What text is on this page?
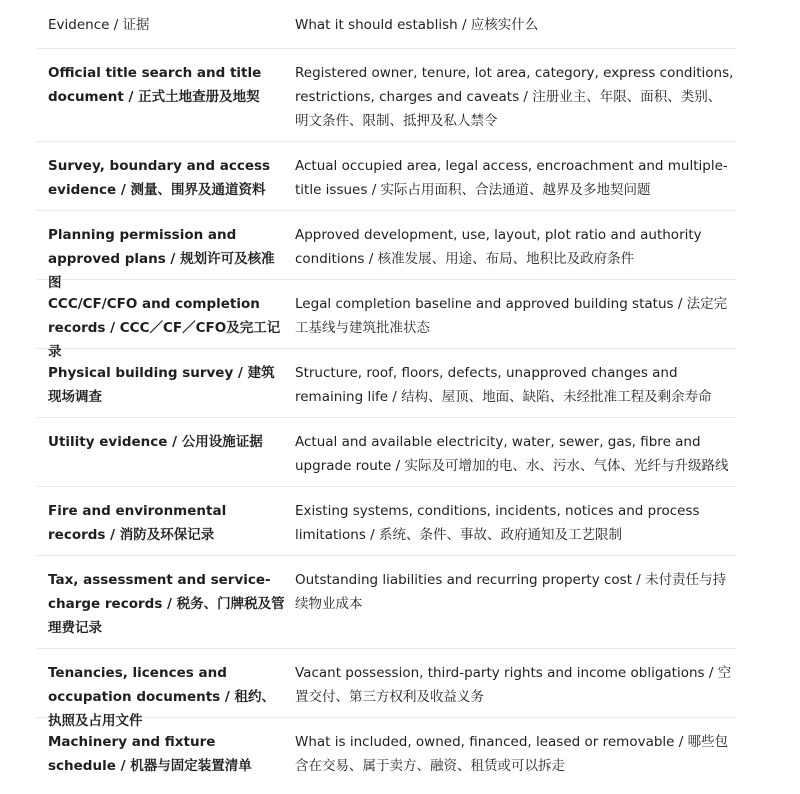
Evidence / 证据	What it should establish / 应核实什么
Official title search and title document / 正式土地查册及地契
Registered owner, tenure, lot area, category, express conditions, restrictions, charges and caveats / 注册业主、年限、面积、类别、明文条件、限制、抵押及私人禁令
Survey, boundary and access evidence / 测量、围界及通道资料
Actual occupied area, legal access, encroachment and multiple-title issues / 实际占用面积、合法通道、越界及多地契问题
Planning permission and approved plans / 规划许可及核准图
Approved development, use, layout, plot ratio and authority conditions / 核准发展、用途、布局、地积比及政府条件
CCC/CF/CFO and completion records / CCC／CF／CFO及完工记录
Legal completion baseline and approved building status / 法定完工基线与建筑批准状态
Physical building survey / 建筑现场调查
Structure, roof, floors, defects, unapproved changes and remaining life / 结构、屋顶、地面、缺陷、未经批准工程及剩余寿命
Utility evidence / 公用设施证据	Actual and available electricity, water, sewer, gas, fibre and upgrade route / 实际及可增加的电、水、污水、气体、光纤与升级路线
Fire and environmental records / 消防及环保记录
Existing systems, conditions, incidents, notices and process limitations / 系统、条件、事故、政府通知及工艺限制
Tax, assessment and service-charge records / 税务、门牌税及管理费记录
Outstanding liabilities and recurring property cost / 未付责任与持续物业成本
Tenancies, licences and occupation documents / 租约、执照及占用文件
Vacant possession, third-party rights and income obligations / 空置交付、第三方权利及收益义务
Machinery and fixture schedule / 机器与固定装置清单
What is included, owned, financed, leased or removable / 哪些包含在交易、属于卖方、融资、租赁或可以拆走
